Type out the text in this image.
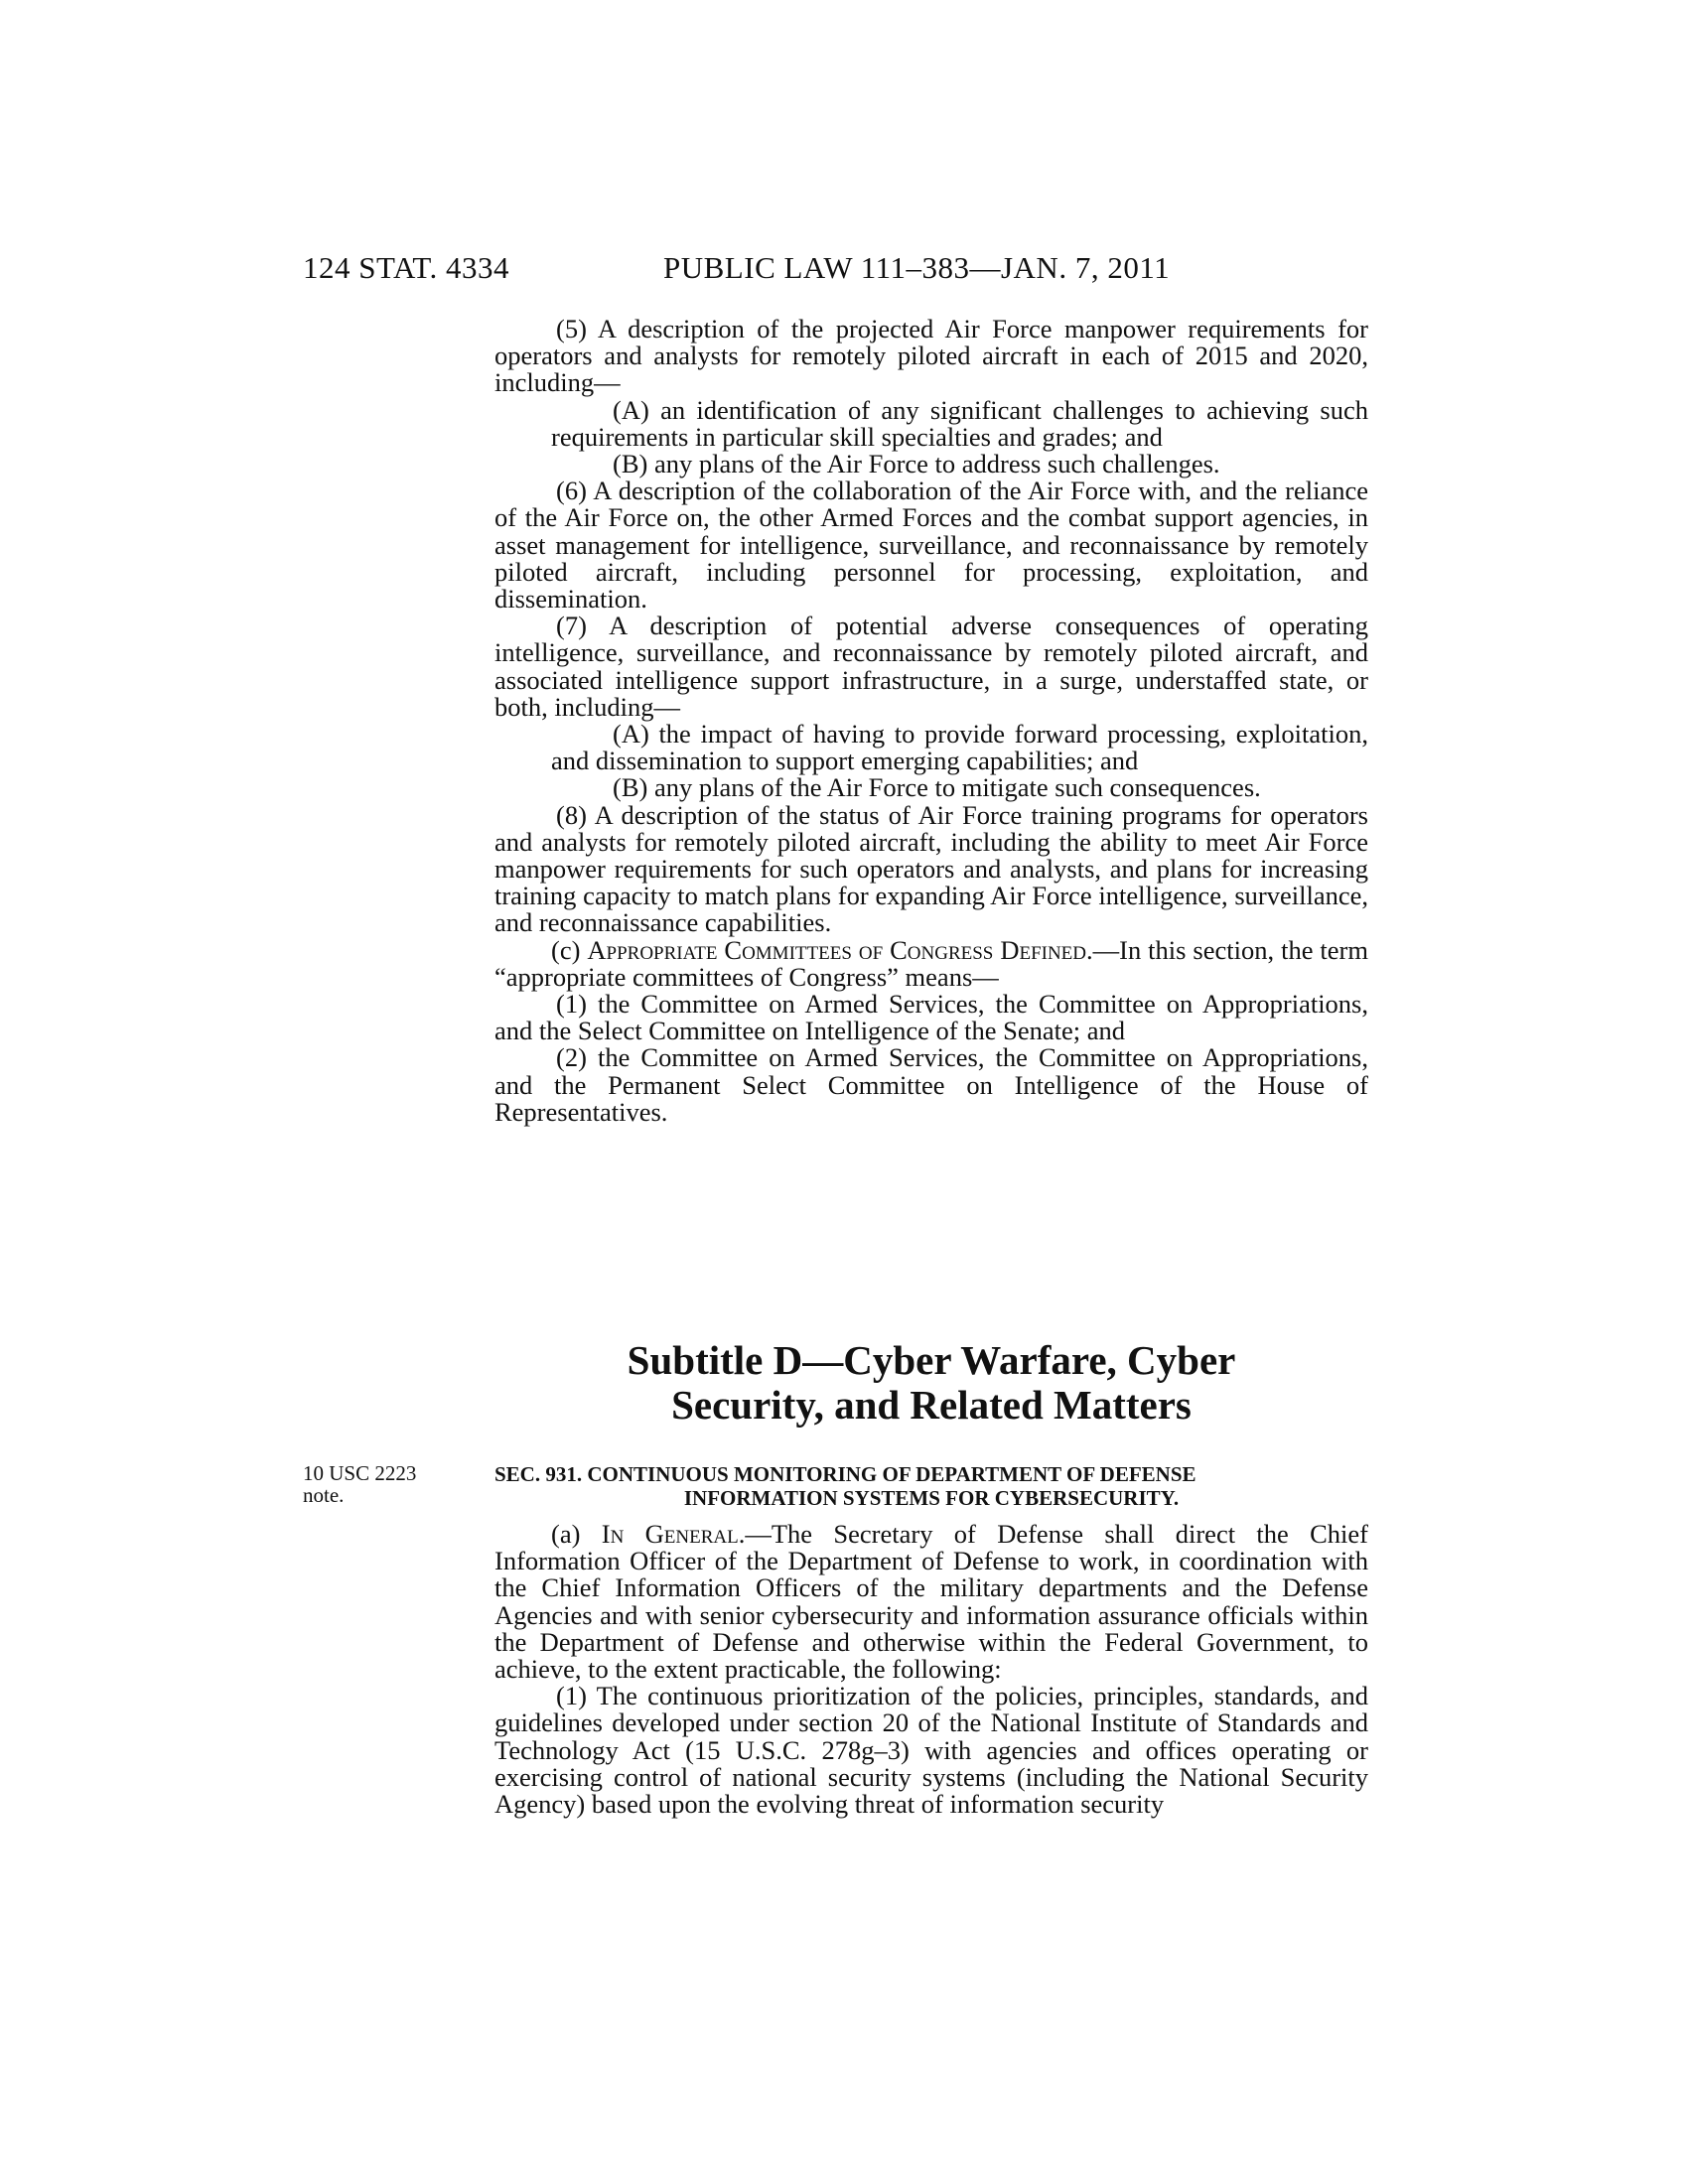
124 STAT. 4334	PUBLIC LAW 111–383—JAN. 7, 2011

(5) A description of the projected Air Force manpower requirements for operators and analysts for remotely piloted aircraft in each of 2015 and 2020, including—

(A) an identification of any significant challenges to achieving such requirements in particular skill specialties and grades; and

(B) any plans of the Air Force to address such challenges.

(6) A description of the collaboration of the Air Force with, and the reliance of the Air Force on, the other Armed Forces and the combat support agencies, in asset management for intelligence, surveillance, and reconnaissance by remotely piloted aircraft, including personnel for processing, exploitation, and dissemination.

(7) A description of potential adverse consequences of operating intelligence, surveillance, and reconnaissance by remotely piloted aircraft, and associated intelligence support infrastructure, in a surge, understaffed state, or both, including—

(A) the impact of having to provide forward processing, exploitation, and dissemination to support emerging capabilities; and

(B) any plans of the Air Force to mitigate such consequences.

(8) A description of the status of Air Force training programs for operators and analysts for remotely piloted aircraft, including the ability to meet Air Force manpower requirements for such operators and analysts, and plans for increasing training capacity to match plans for expanding Air Force intelligence, surveillance, and reconnaissance capabilities.

(c) Appropriate Committees of Congress Defined.—In this section, the term “appropriate committees of Congress” means—

(1) the Committee on Armed Services, the Committee on Appropriations, and the Select Committee on Intelligence of the Senate; and

(2) the Committee on Armed Services, the Committee on Appropriations, and the Permanent Select Committee on Intelligence of the House of Representatives.

Subtitle D—Cyber Warfare, Cyber
Security, and Related Matters
10 USC 2223
note.
SEC. 931. CONTINUOUS MONITORING OF DEPARTMENT OF DEFENSE
INFORMATION SYSTEMS FOR CYBERSECURITY.

(a) In General.—The Secretary of Defense shall direct the Chief Information Officer of the Department of Defense to work, in coordination with the Chief Information Officers of the military departments and the Defense Agencies and with senior cybersecurity and information assurance officials within the Department of Defense and otherwise within the Federal Government, to achieve, to the extent practicable, the following:

(1) The continuous prioritization of the policies, principles, standards, and guidelines developed under section 20 of the National Institute of Standards and Technology Act (15 U.S.C. 278g–3) with agencies and offices operating or exercising control of national security systems (including the National Security Agency) based upon the evolving threat of information security
